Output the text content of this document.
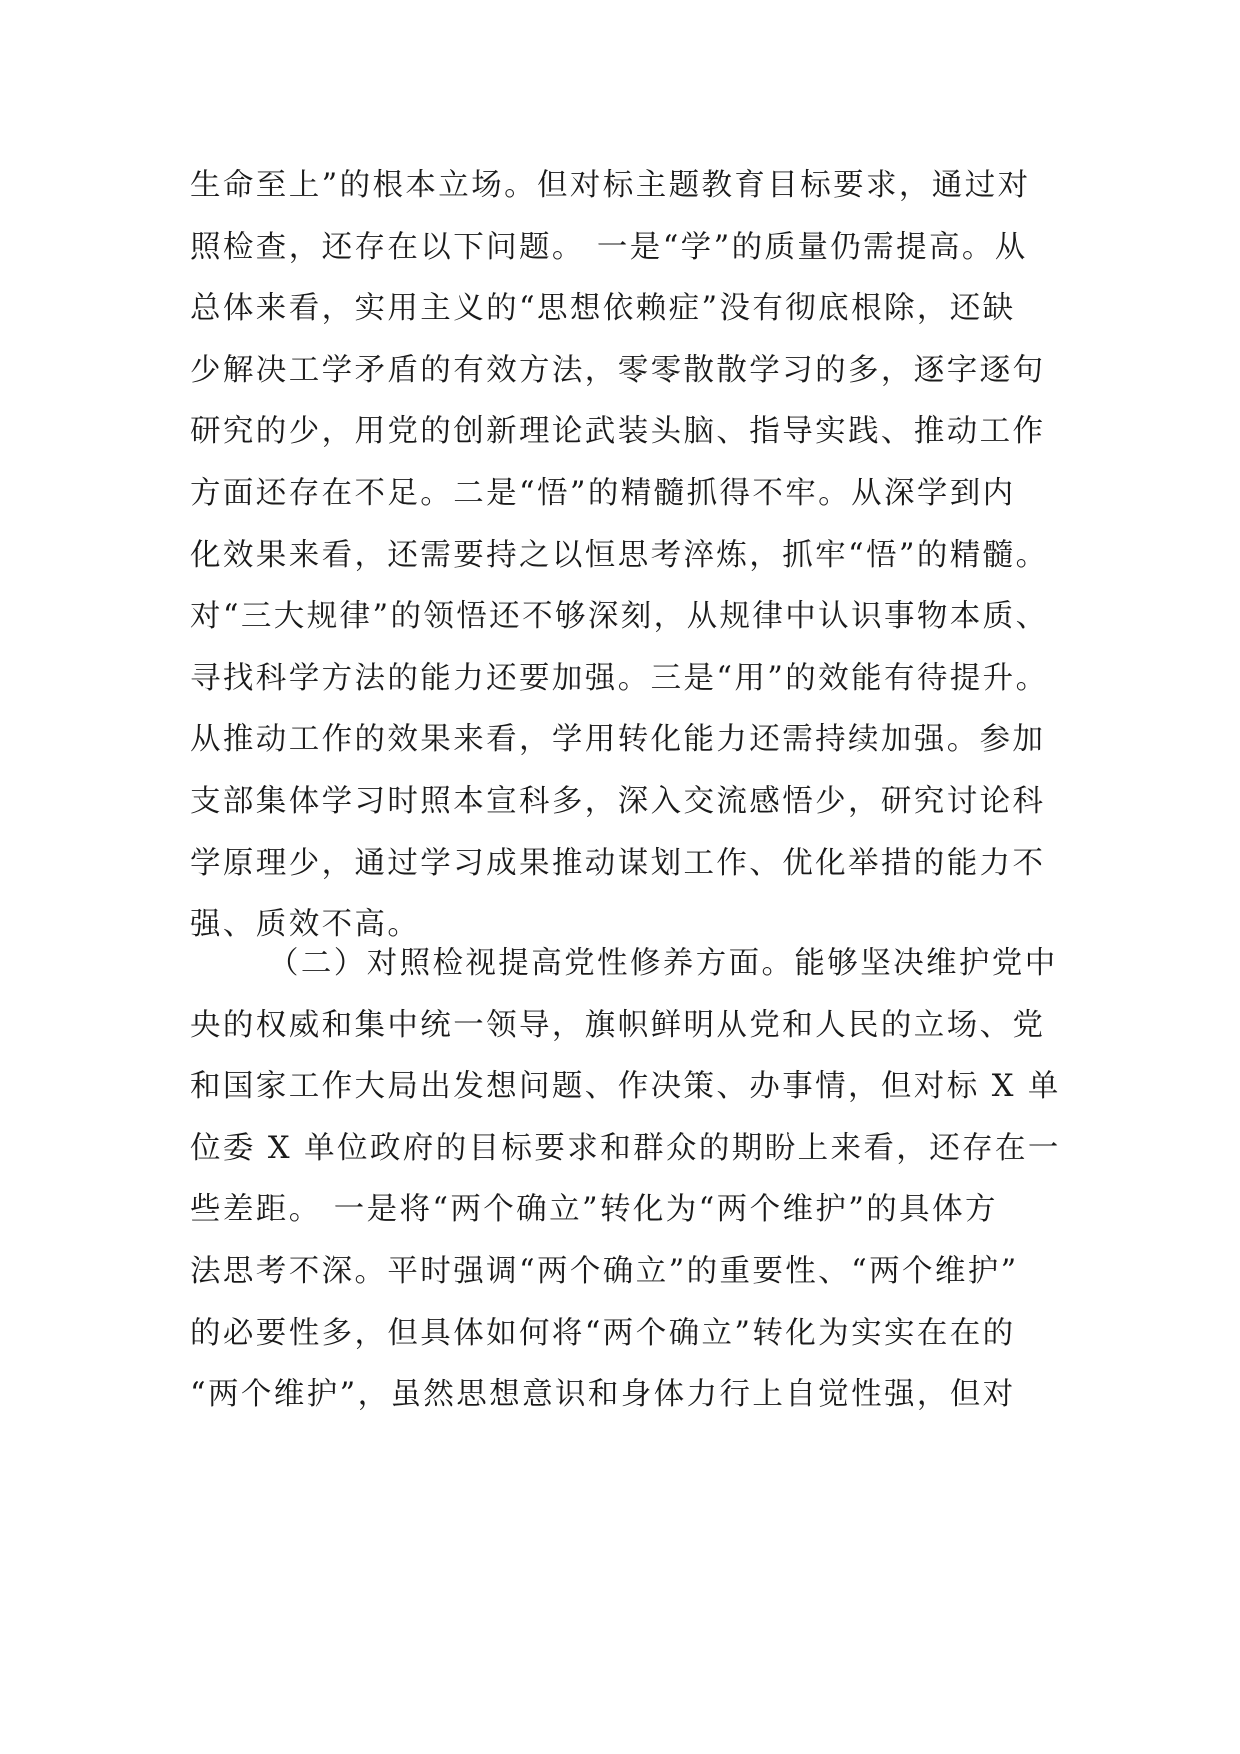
生命至上”的根本立场。但对标主题教育目标要求，通过对
照检查，还存在以下问题。 一是“学”的质量仍需提高。从
总体来看，实用主义的“思想依赖症”没有彻底根除，还缺
少解决工学矛盾的有效方法，零零散散学习的多，逐字逐句
研究的少，用党的创新理论武装头脑、指导实践、推动工作
方面还存在不足。二是“悟”的精髓抓得不牢。从深学到内
化效果来看，还需要持之以恒思考淬炼，抓牢“悟”的精髓。
对“三大规律”的领悟还不够深刻，从规律中认识事物本质、
寻找科学方法的能力还要加强。三是“用”的效能有待提升。
从推动工作的效果来看，学用转化能力还需持续加强。参加
支部集体学习时照本宣科多，深入交流感悟少，研究讨论科
学原理少，通过学习成果推动谋划工作、优化举措的能力不
强、质效不高。
（二）对照检视提高党性修养方面。能够坚决维护党中
央的权威和集中统一领导，旗帜鲜明从党和人民的立场、党
和国家工作大局出发想问题、作决策、办事情，但对标 X 单
位委 X 单位政府的目标要求和群众的期盼上来看，还存在一
些差距。 一是将“两个确立”转化为“两个维护”的具体方
法思考不深。平时强调“两个确立”的重要性、“两个维护”
的必要性多，但具体如何将“两个确立”转化为实实在在的
“两个维护”，虽然思想意识和身体力行上自觉性强，但对
